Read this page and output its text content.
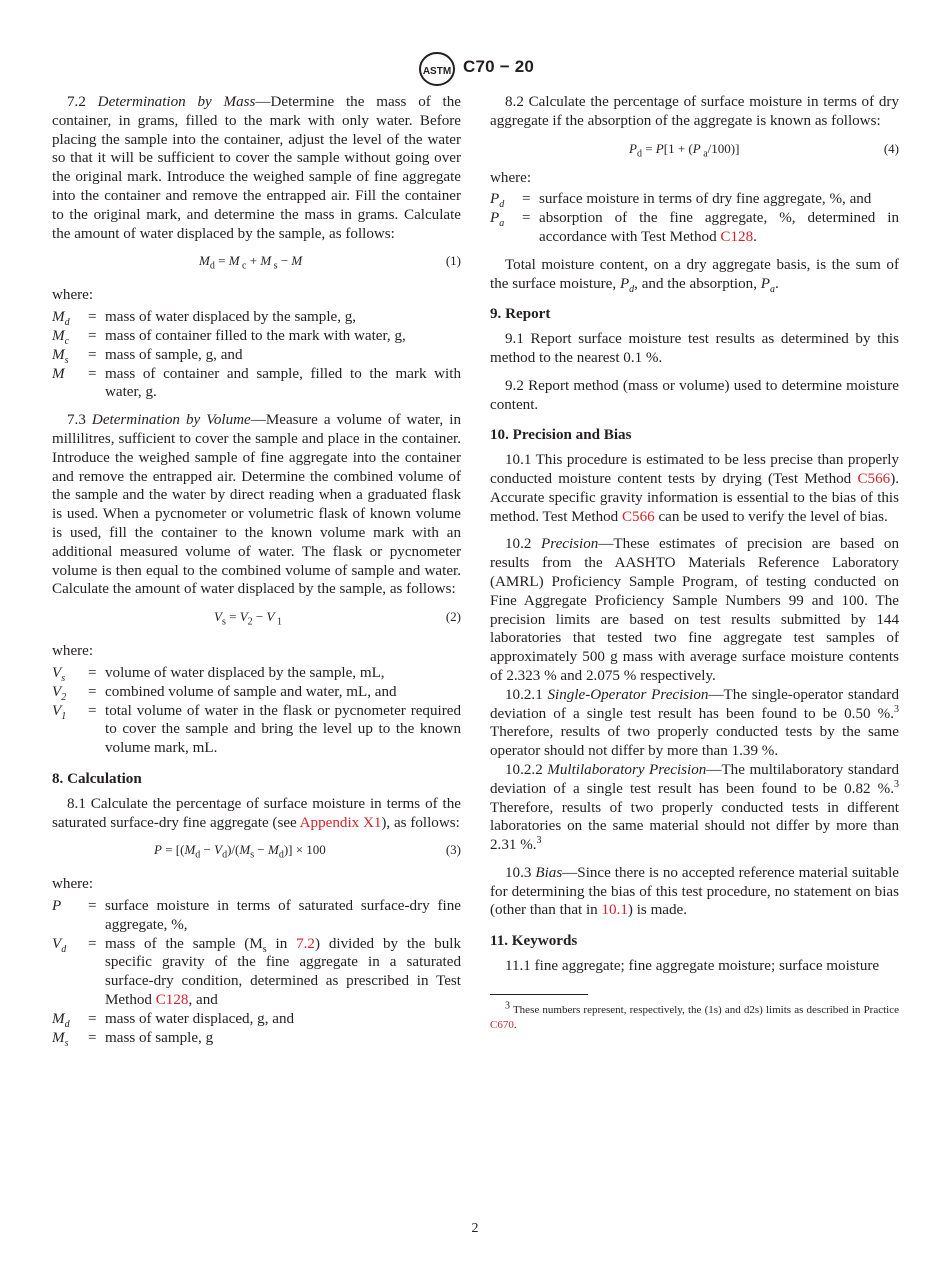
ASTM C70 − 20

7.2 Determination by Mass—Determine the mass of the container, in grams, filled to the mark with only water. Before placing the sample into the container, adjust the level of the water so that it will be sufficient to cover the sample without going over the original mark. Introduce the weighed sample of fine aggregate into the container and remove the entrapped air. Fill the container to the original mark, and determine the mass in grams. Calculate the amount of water displaced by the sample, as follows:

$M_d = M$ $_c$ + M $_s$ − M	(1)

where:

$M_d$	= mass of water displaced by the sample, g,
$M_c$	= mass of container filled to the mark with water, g,
$M_s$	= mass of sample, g, and
M	= mass of container and sample, filled to the mark with water, g.

7.3 Determination by Volume—Measure a volume of water, in millilitres, sufficient to cover the sample and place in the container. Introduce the weighed sample of fine aggregate into the container and remove the entrapped air. Determine the combined volume of the sample and the water by direct reading when a graduated flask is used. When a pycnometer or volumetric flask of known volume is used, fill the container to the known volume mark with an additional measured volume of water. The flask or pycnometer volume is then equal to the combined volume of sample and water. Calculate the amount of water displaced by the sample, as follows:

$V_s = V_2 - V$ $_1$	(2)

where:

$V_s$	= volume of water displaced by the sample, mL,
$V_2$	= combined volume of sample and water, mL, and
$V_1$	= total volume of water in the flask or pycnometer required to cover the sample and bring the level up to the known volume mark, mL.
8. Calculation

8.1 Calculate the percentage of surface moisture in terms of the saturated surface-dry fine aggregate (see Appendix X1), as follows:

$P = [(M_d - V_d)/(M_s - M_d)] \times 100$	(3)

where:

P	= surface moisture in terms of saturated surface-dry fine aggregate, %,
$V_d$	= mass of the sample ($M_s$ in 7.2) divided by the bulk specific gravity of the fine aggregate in a saturated surface-dry condition, determined as prescribed in Test Method C128, and
$M_d$	= mass of water displaced, g, and
$M_s$	= mass of sample, g

8.2 Calculate the percentage of surface moisture in terms of dry aggregate if the absorption of the aggregate is known as follows:

$P_d = P[1 + (P$ $_a$/100)]	(4)

where:

$P_d$	= surface moisture in terms of dry fine aggregate, %, and
$P_a$	= absorption of the fine aggregate, %, determined in accordance with Test Method C128.

Total moisture content, on a dry aggregate basis, is the sum of the surface moisture, $P_d$, and the absorption, $P_a$.

9. Report

9.1 Report surface moisture test results as determined by this method to the nearest 0.1 %.

9.2 Report method (mass or volume) used to determine moisture content.

10. Precision and Bias

10.1 This procedure is estimated to be less precise than properly conducted moisture content tests by drying (Test Method C566). Accurate specific gravity information is essential to the bias of this method. Test Method C566 can be used to verify the level of bias.

10.2 Precision—These estimates of precision are based on results from the AASHTO Materials Reference Laboratory (AMRL) Proficiency Sample Program, of testing conducted on Fine Aggregate Proficiency Sample Numbers 99 and 100. The precision limits are based on test results submitted by 144 laboratories that tested two fine aggregate test samples of approximately 500 g mass with average surface moisture contents of 2.323 % and 2.075 % respectively.

10.2.1 Single-Operator Precision—The single-operator standard deviation of a single test result has been found to be 0.50 %.$^3$ Therefore, results of two properly conducted tests by the same operator should not differ by more than 1.39 %.

10.2.2 Multilaboratory Precision—The multilaboratory standard deviation of a single test result has been found to be 0.82 %.$^3$ Therefore, results of two properly conducted tests in different laboratories on the same material should not differ by more than 2.31 %.$^3$

10.3 Bias—Since there is no accepted reference material suitable for determining the bias of this test procedure, no statement on bias (other than that in 10.1) is made.

11. Keywords

11.1 fine aggregate; fine aggregate moisture; surface moisture

$^3$ These numbers represent, respectively, the (1s) and d2s) limits as described in Practice C670.

2
